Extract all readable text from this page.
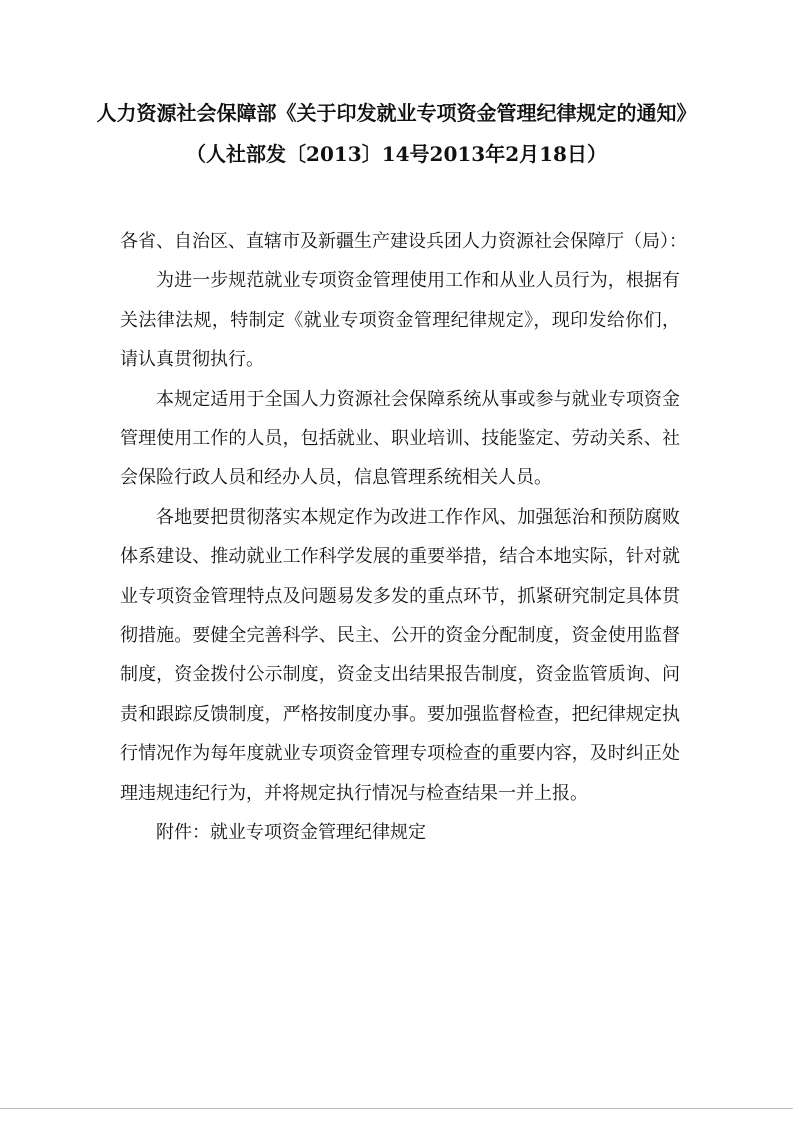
人力资源社会保障部《关于印发就业专项资金管理纪律规定的通知》
（人社部发〔2013〕14号2013年2月18日）

各省、自治区、直辖市及新疆生产建设兵团人力资源社会保障厅（局）：

为进一步规范就业专项资金管理使用工作和从业人员行为，根据有关法律法规，特制定《就业专项资金管理纪律规定》，现印发给你们，请认真贯彻执行。

本规定适用于全国人力资源社会保障系统从事或参与就业专项资金管理使用工作的人员，包括就业、职业培训、技能鉴定、劳动关系、社会保险行政人员和经办人员，信息管理系统相关人员。

各地要把贯彻落实本规定作为改进工作作风、加强惩治和预防腐败体系建设、推动就业工作科学发展的重要举措，结合本地实际，针对就业专项资金管理特点及问题易发多发的重点环节，抓紧研究制定具体贯彻措施。要健全完善科学、民主、公开的资金分配制度，资金使用监督制度，资金拨付公示制度，资金支出结果报告制度，资金监管质询、问责和跟踪反馈制度，严格按制度办事。要加强监督检查，把纪律规定执行情况作为每年度就业专项资金管理专项检查的重要内容，及时纠正处理违规违纪行为，并将规定执行情况与检查结果一并上报。

附件：就业专项资金管理纪律规定
